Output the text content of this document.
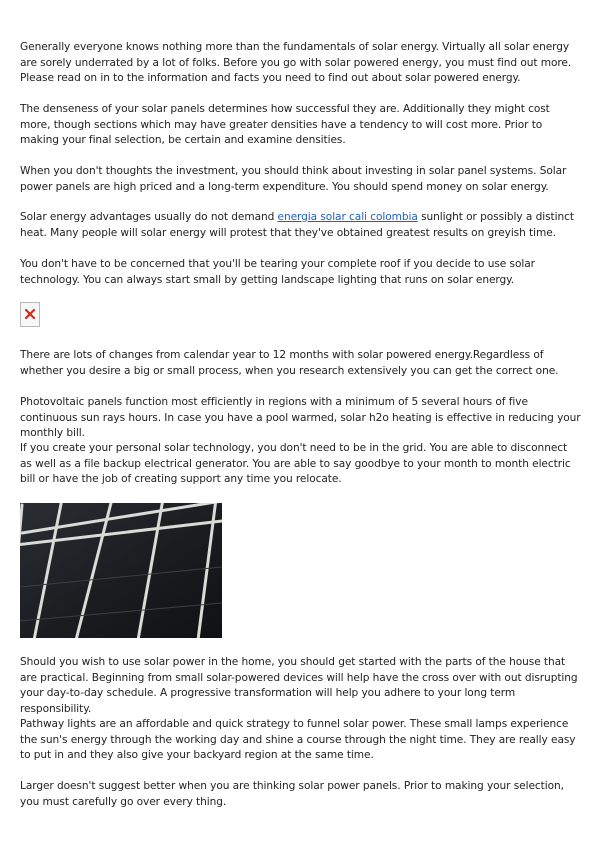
Generally everyone knows nothing more than the fundamentals of solar energy. Virtually all solar energy are sorely underrated by a lot of folks. Before you go with solar powered energy, you must find out more. Please read on in to the information and facts you need to find out about solar powered energy.

The denseness of your solar panels determines how successful they are. Additionally they might cost more, though sections which may have greater densities have a tendency to will cost more. Prior to making your final selection, be certain and examine densities.

When you don't thoughts the investment, you should think about investing in solar panel systems. Solar power panels are high priced and a long-term expenditure. You should spend money on solar energy.

Solar energy advantages usually do not demand energia solar cali colombia sunlight or possibly a distinct heat. Many people will solar energy will protest that they've obtained greatest results on greyish time.

You don't have to be concerned that you'll be tearing your complete roof if you decide to use solar technology. You can always start small by getting landscape lighting that runs on solar energy.

There are lots of changes from calendar year to 12 months with solar powered energy.Regardless of whether you desire a big or small process, when you research extensively you can get the correct one.

Photovoltaic panels function most efficiently in regions with a minimum of 5 several hours of five continuous sun rays hours. In case you have a pool warmed, solar h2o heating is effective in reducing your monthly bill.

If you create your personal solar technology, you don't need to be in the grid. You are able to disconnect as well as a file backup electrical generator. You are able to say goodbye to your month to month electric bill or have the job of creating support any time you relocate.

Should you wish to use solar power in the home, you should get started with the parts of the house that are practical. Beginning from small solar-powered devices will help have the cross over with out disrupting your day-to-day schedule. A progressive transformation will help you adhere to your long term responsibility.

Pathway lights are an affordable and quick strategy to funnel solar power. These small lamps experience the sun's energy through the working day and shine a course through the night time. They are really easy to put in and they also give your backyard region at the same time.

Larger doesn't suggest better when you are thinking solar power panels. Prior to making your selection, you must carefully go over every thing.
